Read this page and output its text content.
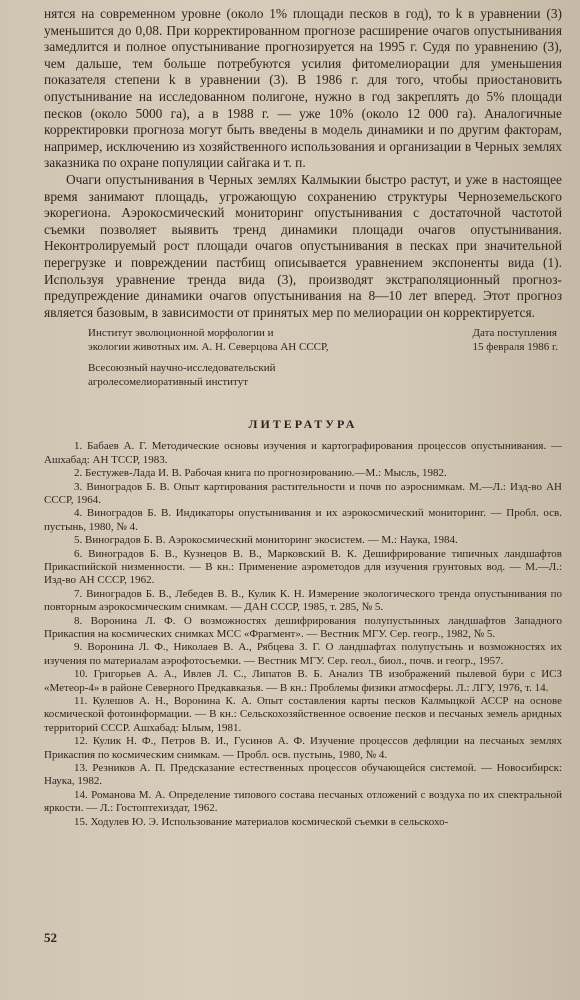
нятся на современном уровне (около 1% площади песков в год), то k в уравнении (3) уменьшится до 0,08. При корректированном прогнозе расширение очагов опустынивания замедлится и полное опустынивание прогнозируется на 1995 г. Судя по уравнению (3), чем дальше, тем больше потребуются усилия фитомелиорации для уменьшения показателя степени k в уравнении (3). В 1986 г. для того, чтобы приостановить опустынивание на исследованном полигоне, нужно в год закреплять до 5% площади песков (около 5000 га), а в 1988 г. — уже 10% (около 12 000 га). Аналогичные корректировки прогноза могут быть введены в модель динамики и по другим факторам, например, исключению из хозяйственного использования и организации в Черных землях заказника по охране популяции сайгака и т. п.

Очаги опустынивания в Черных землях Калмыкии быстро растут, и уже в настоящее время занимают площадь, угрожающую сохранению структуры Черноземельского экорегиона. Аэрокосмический мониторинг опустынивания с достаточной частотой съемки позволяет выявить тренд динамики площади очагов опустынивания. Неконтролируемый рост площади очагов опустынивания в песках при значительной перегрузке и повреждении пастбищ описывается уравнением экспоненты вида (1). Используя уравнение тренда вида (3), производят экстраполяционный прогноз-предупреждение динамики очагов опустынивания на 8—10 лет вперед. Этот прогноз является базовым, в зависимости от принятых мер по мелиорации он корректируется.

Институт эволюционной морфологии и
экологии животных им. А. Н. Северцова АН СССР,
Всесоюзный научно-исследовательский
агролесомелиоративный институт
Дата поступления
15 февраля 1986 г.
ЛИТЕРАТУРА

1. Бабаев А. Г. Методические основы изучения и картографирования процессов опустынивания. — Ашхабад: АН ТССР, 1983.

2. Бестужев-Лада И. В. Рабочая книга по прогнозированию.—М.: Мысль, 1982.

3. Виноградов Б. В. Опыт картирования растительности и почв по аэроснимкам. М.—Л.: Изд-во АН СССР, 1964.

4. Виноградов Б. В. Индикаторы опустынивания и их аэрокосмический мониторинг. — Пробл. осв. пустынь, 1980, № 4.

5. Виноградов Б. В. Аэрокосмический мониторинг экосистем. — М.: Наука, 1984.

6. Виноградов Б. В., Кузнецов В. В., Марковский В. К. Дешифрирование типичных ландшафтов Прикаспийской низменности. — В кн.: Применение аэрометодов для изучения грунтовых вод. — М.—Л.: Изд-во АН СССР, 1962.

7. Виноградов Б. В., Лебедев В. В., Кулик К. Н. Измерение экологического тренда опустынивания по повторным аэрокосмическим снимкам. — ДАН СССР, 1985, т. 285, № 5.

8. Воронина Л. Ф. О возможностях дешифрирования полупустынных ландшафтов Западного Прикаспия на космических снимках МСС «Фрагмент». — Вестник МГУ. Сер. геогр., 1982, № 5.

9. Воронина Л. Ф., Николаев В. А., Рябцева З. Г. О ландшафтах полупустынь и возможностях их изучения по материалам аэрофотосъемки. — Вестник МГУ. Сер. геол., биол., почв. и геогр., 1957.

10. Григорьев А. А., Ивлев Л. С., Липатов В. Б. Анализ ТВ изображений пылевой бури с ИСЗ «Метеор-4» в районе Северного Предкавказья. — В кн.: Проблемы физики атмосферы. Л.: ЛГУ, 1976, т. 14.

11. Кулешов А. Н., Воронина К. А. Опыт составления карты песков Калмыцкой АССР на основе космической фотоинформации. — В кн.: Сельскохозяйственное освоение песков и песчаных земель аридных территорий СССР. Ашхабад: Ылым, 1981.

12. Кулик Н. Ф., Петров В. И., Гусинов А. Ф. Изучение процессов дефляции на песчаных землях Прикаспия по космическим снимкам. — Пробл. осв. пустынь, 1980, № 4.

13. Резников А. П. Предсказание естественных процессов обучающейся системой. — Новосибирск: Наука, 1982.

14. Романова М. А. Определение типового состава песчаных отложений с воздуха по их спектральной яркости. — Л.: Гостоптехиздат, 1962.

15. Ходулев Ю. Э. Использование материалов космической съемки в сельскохо-

52
